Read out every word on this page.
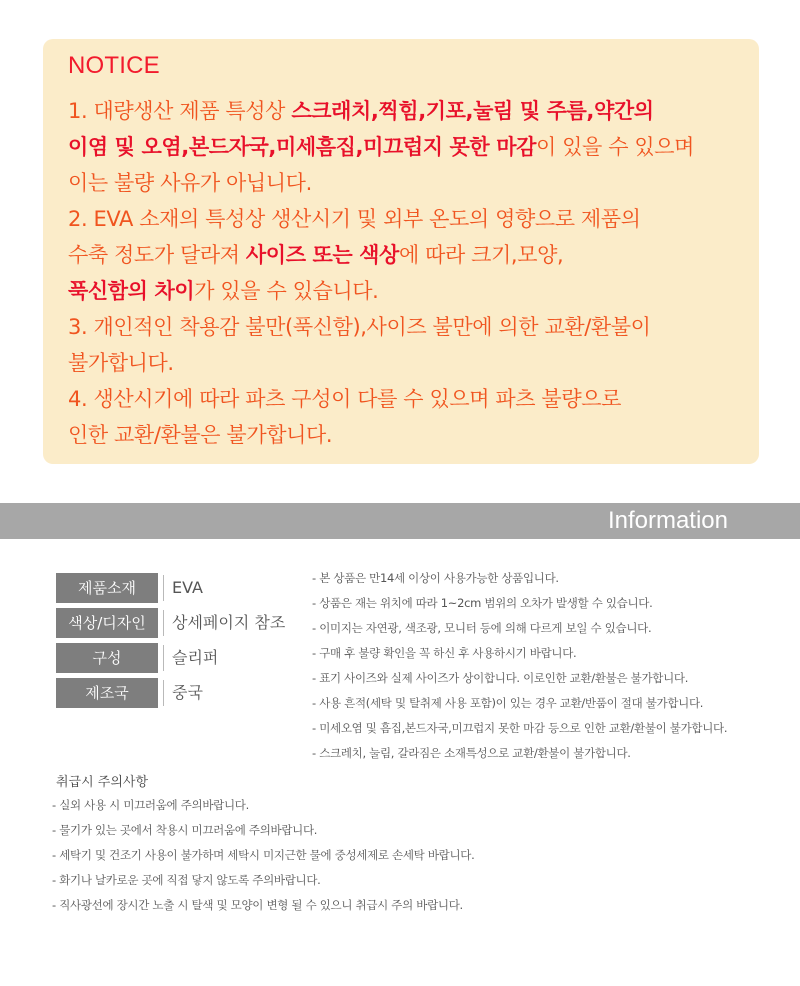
NOTICE
1. 대량생산 제품 특성상 스크래치,찍힘,기포,눌림 및 주름,약간의
이염 및 오염,본드자국,미세흠집,미끄럽지 못한 마감이 있을 수 있으며
이는 불량 사유가 아닙니다.
2. EVA 소재의 특성상 생산시기 및 외부 온도의 영향으로 제품의
수축 정도가 달라져 사이즈 또는 색상에 따라 크기,모양,
푹신함의 차이가 있을 수 있습니다.
3. 개인적인 착용감 불만(푹신함),사이즈 불만에 의한 교환/환불이
불가합니다.
4. 생산시기에 따라 파츠 구성이 다를 수 있으며 파츠 불량으로
인한 교환/환불은 불가합니다.
Information
제품소재	EVA
색상/디자인	상세페이지 참조
구성	슬리퍼
제조국	중국
- 본 상품은 만14세 이상이 사용가능한 상품입니다.
- 상품은 재는 위치에 따라 1~2cm 범위의 오차가 발생할 수 있습니다.
- 이미지는 자연광, 색조광, 모니터 등에 의해 다르게 보일 수 있습니다.
- 구매 후 불량 확인을 꼭 하신 후 사용하시기 바랍니다.
- 표기 사이즈와 실제 사이즈가 상이합니다. 이로인한 교환/환불은 불가합니다.
- 사용 흔적(세탁 및 탈취제 사용 포함)이 있는 경우 교환/반품이 절대 불가합니다.
- 미세오염 및 흠집,본드자국,미끄럽지 못한 마감 등으로 인한 교환/환불이 불가합니다.
- 스크레치, 눌림, 갈라짐은 소재특성으로 교환/환불이 불가합니다.
취급시 주의사항
- 실외 사용 시 미끄러움에 주의바랍니다.
- 물기가 있는 곳에서 착용시 미끄러움에 주의바랍니다.
- 세탁기 및 건조기 사용이 불가하며 세탁시 미지근한 물에 중성세제로 손세탁 바랍니다.
- 화기나 날카로운 곳에 직접 닿지 않도록 주의바랍니다.
- 직사광선에 장시간 노출 시 탈색 및 모양이 변형 될 수 있으니 취급시 주의 바랍니다.
